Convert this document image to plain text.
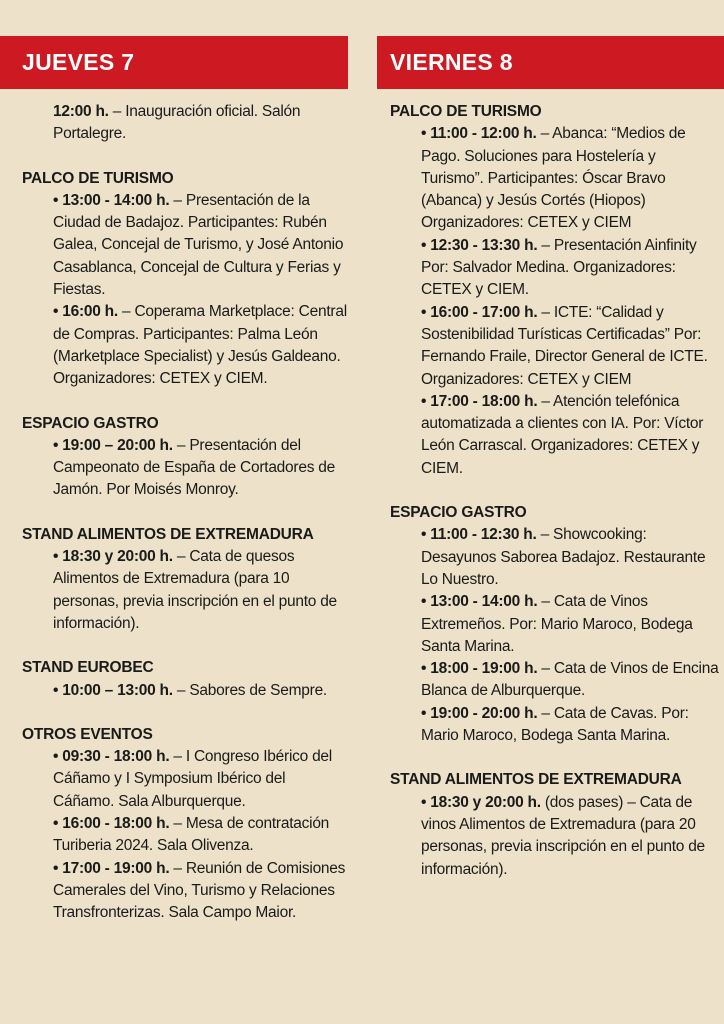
JUEVES 7
12:00 h. – Inauguración oficial. Salón Portalegre.
PALCO DE TURISMO
• 13:00 - 14:00 h. – Presentación de la Ciudad de Badajoz. Participantes: Rubén Galea, Concejal de Turismo, y José Antonio Casablanca, Concejal de Cultura y Ferias y Fiestas.
• 16:00 h. – Coperama Marketplace: Central de Compras. Participantes: Palma León (Marketplace Specialist) y Jesús Galdeano. Organizadores: CETEX y CIEM.
ESPACIO GASTRO
• 19:00 – 20:00 h. – Presentación del Campeonato de España de Cortadores de Jamón. Por Moisés Monroy.
STAND ALIMENTOS DE EXTREMADURA
• 18:30 y 20:00 h. – Cata de quesos Alimentos de Extremadura (para 10 personas, previa inscripción en el punto de información).
STAND EUROBEC
• 10:00 – 13:00 h. – Sabores de Sempre.
OTROS EVENTOS
• 09:30 - 18:00 h. – I Congreso Ibérico del Cáñamo y I Symposium Ibérico del Cáñamo. Sala Alburquerque.
• 16:00 - 18:00 h. – Mesa de contratación Turiberia 2024. Sala Olivenza.
• 17:00 - 19:00 h. – Reunión de Comisiones Camerales del Vino, Turismo y Relaciones Transfronterizas. Sala Campo Maior.
VIERNES 8
PALCO DE TURISMO
• 11:00 - 12:00 h. – Abanca: “Medios de Pago. Soluciones para Hostelería y Turismo”. Participantes: Óscar Bravo (Abanca) y Jesús Cortés (Hiopos) Organizadores: CETEX y CIEM
• 12:30 - 13:30 h. – Presentación Ainfinity
Por: Salvador Medina. Organizadores: CETEX y CIEM.
• 16:00 - 17:00 h. – ICTE: “Calidad y Sostenibilidad Turísticas Certificadas” Por: Fernando Fraile, Director General de ICTE. Organizadores: CETEX y CIEM
• 17:00 - 18:00 h. – Atención telefónica automatizada a clientes con IA. Por: Víctor León Carrascal. Organizadores: CETEX y CIEM.
ESPACIO GASTRO
• 11:00 - 12:30 h. – Showcooking: Desayunos Saborea Badajoz. Restaurante Lo Nuestro.
• 13:00 - 14:00 h. – Cata de Vinos Extremeños. Por: Mario Maroco, Bodega Santa Marina.
• 18:00 - 19:00 h. – Cata de Vinos de Encina Blanca de Alburquerque.
• 19:00 - 20:00 h. – Cata de Cavas. Por: Mario Maroco, Bodega Santa Marina.
STAND ALIMENTOS DE EXTREMADURA
• 18:30 y 20:00 h. (dos pases) – Cata de vinos Alimentos de Extremadura (para 20 personas, previa inscripción en el punto de información).
